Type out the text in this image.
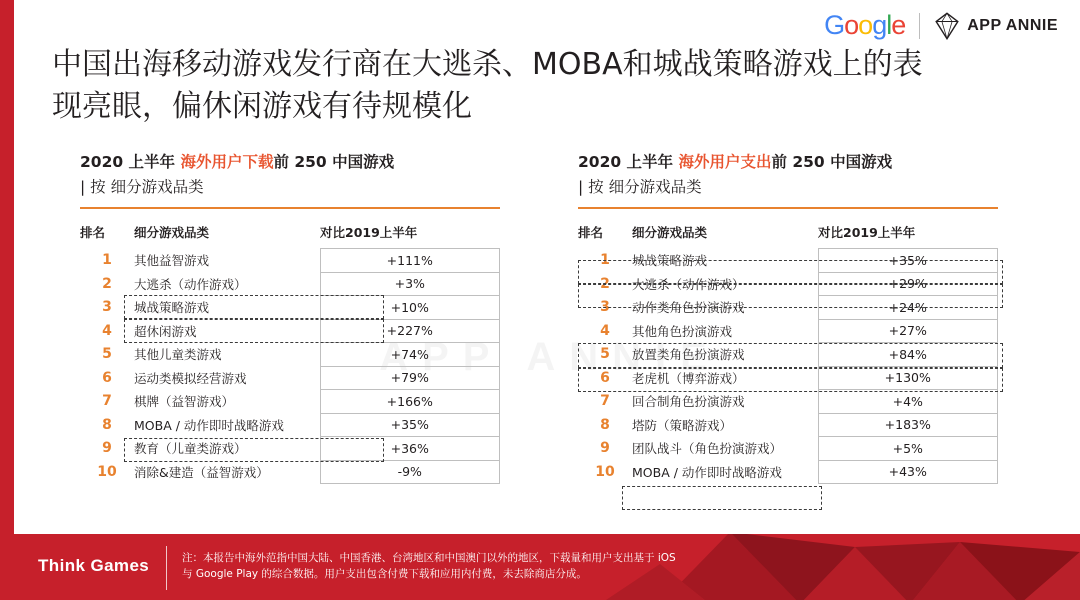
Google	APP ANNIE
中国出海移动游戏发行商在大逃杀、MOBA和城战策略游戏上的表现亮眼，偏休闲游戏有待规模化
2020 上半年 海外用户下载前 250 中国游戏
| 按 细分游戏品类
排名	细分游戏品类	对比2019上半年
1	其他益智游戏	+111%
2	大逃杀（动作游戏）	+3%
3	城战策略游戏	+10%
4	超休闲游戏	+227%
5	其他儿童类游戏	+74%
6	运动类模拟经营游戏	+79%
7	棋牌（益智游戏）	+166%
8	MOBA / 动作即时战略游戏	+35%
9	教育（儿童类游戏）	+36%
10	消除&建造（益智游戏）	-9%
2020 上半年 海外用户支出前 250 中国游戏
| 按 细分游戏品类
排名	细分游戏品类	对比2019上半年
1	城战策略游戏	+35%
2	大逃杀（动作游戏）	+29%
3	动作类角色扮演游戏	+24%
4	其他角色扮演游戏	+27%
5	放置类角色扮演游戏	+84%
6	老虎机（博弈游戏）	+130%
7	回合制角色扮演游戏	+4%
8	塔防（策略游戏）	+183%
9	团队战斗（角色扮演游戏）	+5%
10	MOBA / 动作即时战略游戏	+43%
Think Games	注：本报告中海外范指中国大陆、中国香港、台湾地区和中国澳门以外的地区，下载量和用户支出基于 iOS
与 Google Play 的综合数据。用户支出包含付费下载和应用内付费，未去除商店分成。
